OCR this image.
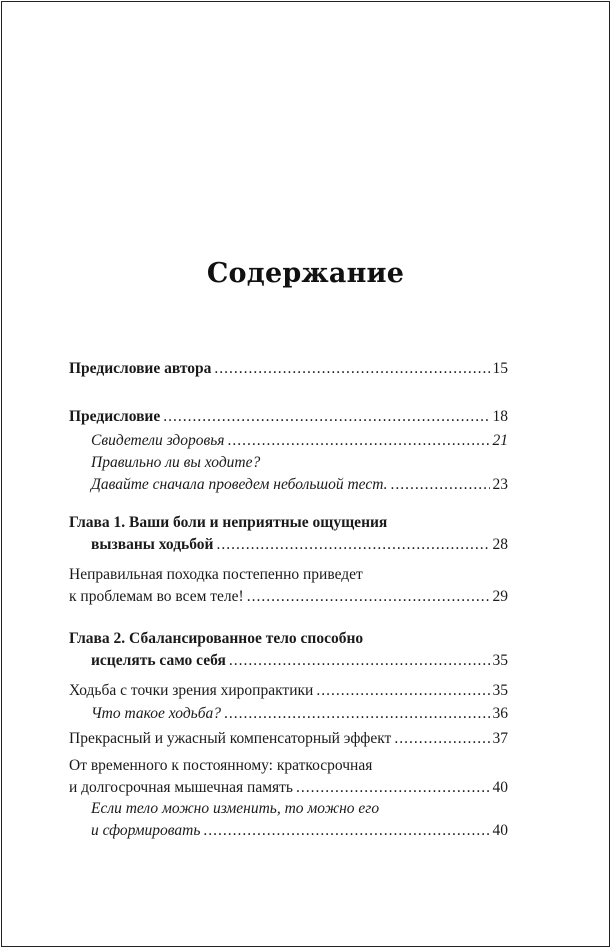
Содержание
Предисловие автора .....	15
Предисловие .....	18
Свидетели здоровья .....	21
Правильно ли вы ходите?
Давайте сначала проведем небольшой тест. .....	23
Глава 1. Ваши боли и неприятные ощущения
вызваны ходьбой .....	28
Неправильная походка постепенно приведет
к проблемам во всем теле! .....	29
Глава 2. Сбалансированное тело способно
исцелять само себя .....	35
Ходьба с точки зрения хиропрактики .....	35
Что такое ходьба? .....	36
Прекрасный и ужасный компенсаторный эффект .....	37
От временного к постоянному: краткосрочная
и долгосрочная мышечная память .....	40
Если тело можно изменить, то можно его
и сформировать .....	40
